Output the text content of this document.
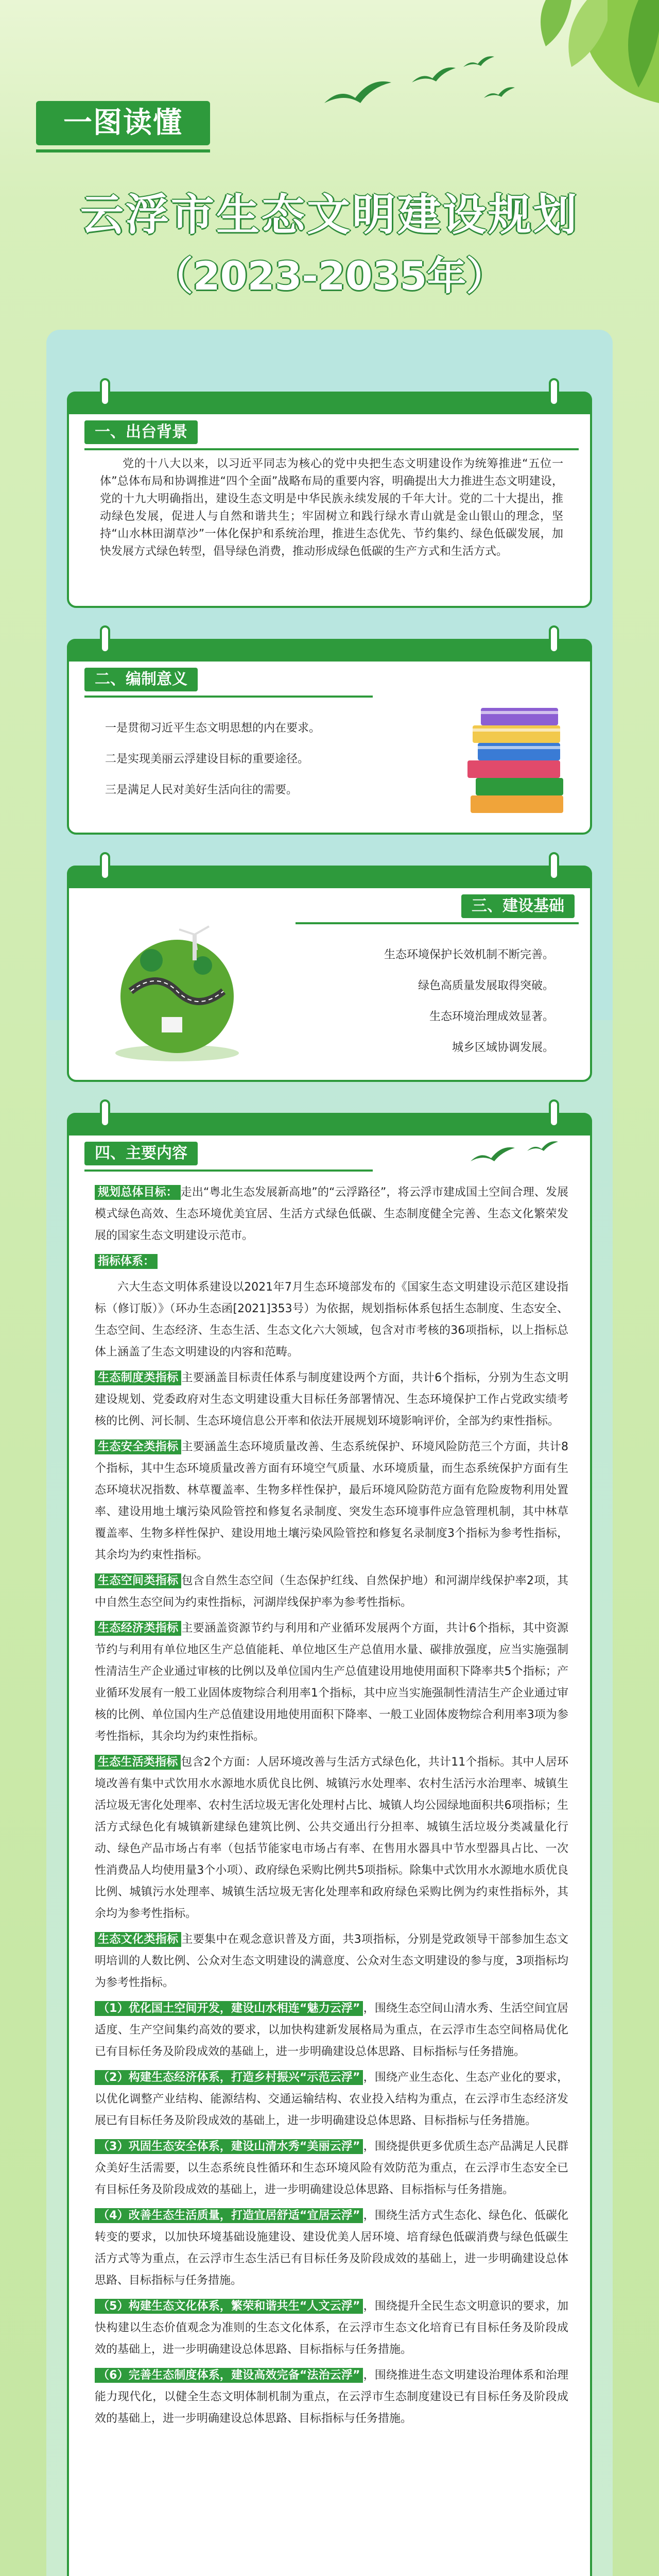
一图读懂
云浮市生态文明建设规划
（2023-2035年）
一、出台背景
党的十八大以来，以习近平同志为核心的党中央把生态文明建设作为统筹推进“五位一体”总体布局和协调推进“四个全面”战略布局的重要内容，明确提出大力推进生态文明建设，党的十九大明确指出，建设生态文明是中华民族永续发展的千年大计。党的二十大提出，推动绿色发展，促进人与自然和谐共生；牢固树立和践行绿水青山就是金山银山的理念，坚持“山水林田湖草沙”一体化保护和系统治理，推进生态优先、节约集约、绿色低碳发展，加快发展方式绿色转型，倡导绿色消费，推动形成绿色低碳的生产方式和生活方式。
二、编制意义
一是贯彻习近平生态文明思想的内在要求。
二是实现美丽云浮建设目标的重要途径。
三是满足人民对美好生活向往的需要。
三、建设基础
生态环境保护长效机制不断完善。
绿色高质量发展取得突破。
生态环境治理成效显著。
城乡区域协调发展。
四、主要内容
规划总体目标： 走出“粤北生态发展新高地”的“云浮路径”，将云浮市建成国土空间合理、发展模式绿色高效、生态环境优美宜居、生活方式绿色低碳、生态制度健全完善、生态文化繁荣发展的国家生态文明建设示范市。
指标体系：
六大生态文明体系建设以2021年7月生态环境部发布的《国家生态文明建设示范区建设指标（修订版）》（环办生态函[2021]353号）为依据，规划指标体系包括生态制度、生态安全、生态空间、生态经济、生态生活、生态文化六大领域，包含对市考核的36项指标，以上指标总体上涵盖了生态文明建设的内容和范畴。
生态制度类指标 主要涵盖目标责任体系与制度建设两个方面，共计6个指标，分别为生态文明建设规划、党委政府对生态文明建设重大目标任务部署情况、生态环境保护工作占党政实绩考核的比例、河长制、生态环境信息公开率和依法开展规划环境影响评价，全部为约束性指标。
生态安全类指标 主要涵盖生态环境质量改善、生态系统保护、环境风险防范三个方面，共计8个指标，其中生态环境质量改善方面有环境空气质量、水环境质量，而生态系统保护方面有生态环境状况指数、林草覆盖率、生物多样性保护，最后环境风险防范方面有危险废物利用处置率、建设用地土壤污染风险管控和修复名录制度、突发生态环境事件应急管理机制，其中林草覆盖率、生物多样性保护、建设用地土壤污染风险管控和修复名录制度3个指标为参考性指标，其余均为约束性指标。
生态空间类指标 包含自然生态空间（生态保护红线、自然保护地）和河湖岸线保护率2项，其中自然生态空间为约束性指标，河湖岸线保护率为参考性指标。
生态经济类指标 主要涵盖资源节约与利用和产业循环发展两个方面，共计6个指标，其中资源节约与利用有单位地区生产总值能耗、单位地区生产总值用水量、碳排放强度，应当实施强制性清洁生产企业通过审核的比例以及单位国内生产总值建设用地使用面积下降率共5个指标；产业循环发展有一般工业固体废物综合利用率1个指标，其中应当实施强制性清洁生产企业通过审核的比例、单位国内生产总值建设用地使用面积下降率、一般工业固体废物综合利用率3项为参考性指标，其余均为约束性指标。
生态生活类指标 包含2个方面：人居环境改善与生活方式绿色化，共计11个指标。其中人居环境改善有集中式饮用水水源地水质优良比例、城镇污水处理率、农村生活污水治理率、城镇生活垃圾无害化处理率、农村生活垃圾无害化处理村占比、城镇人均公园绿地面积共6项指标；生活方式绿色化有城镇新建绿色建筑比例、公共交通出行分担率、城镇生活垃圾分类减量化行动、绿色产品市场占有率（包括节能家电市场占有率、在售用水器具中节水型器具占比、一次性消费品人均使用量3个小项）、政府绿色采购比例共5项指标。除集中式饮用水水源地水质优良比例、城镇污水处理率、城镇生活垃圾无害化处理率和政府绿色采购比例为约束性指标外，其余均为参考性指标。
生态文化类指标 主要集中在观念意识普及方面，共3项指标，分别是党政领导干部参加生态文明培训的人数比例、公众对生态文明建设的满意度、公众对生态文明建设的参与度，3项指标均为参考性指标。
（1）优化国土空间开发，建设山水相连“魅力云浮” ，围绕生态空间山清水秀、生活空间宜居适度、生产空间集约高效的要求，以加快构建新发展格局为重点，在云浮市生态空间格局优化已有目标任务及阶段成效的基础上，进一步明确建设总体思路、目标指标与任务措施。
（2）构建生态经济体系，打造乡村振兴“示范云浮” ，围绕产业生态化、生态产业化的要求，以优化调整产业结构、能源结构、交通运输结构、农业投入结构为重点，在云浮市生态经济发展已有目标任务及阶段成效的基础上，进一步明确建设总体思路、目标指标与任务措施。
（3）巩固生态安全体系，建设山清水秀“美丽云浮” ，围绕提供更多优质生态产品满足人民群众美好生活需要，以生态系统良性循环和生态环境风险有效防范为重点，在云浮市生态安全已有目标任务及阶段成效的基础上，进一步明确建设总体思路、目标指标与任务措施。
（4）改善生态生活质量，打造宜居舒适“宜居云浮” ，围绕生活方式生态化、绿色化、低碳化转变的要求，以加快环境基础设施建设、建设优美人居环境、培育绿色低碳消费与绿色低碳生活方式等为重点，在云浮市生态生活已有目标任务及阶段成效的基础上，进一步明确建设总体思路、目标指标与任务措施。
（5）构建生态文化体系，繁荣和谐共生“人文云浮” ，围绕提升全民生态文明意识的要求，加快构建以生态价值观念为准则的生态文化体系，在云浮市生态文化培育已有目标任务及阶段成效的基础上，进一步明确建设总体思路、目标指标与任务措施。
（6）完善生态制度体系，建设高效完备“法治云浮” ，围绕推进生态文明建设治理体系和治理能力现代化，以健全生态文明体制机制为重点，在云浮市生态制度建设已有目标任务及阶段成效的基础上，进一步明确建设总体思路、目标指标与任务措施。
